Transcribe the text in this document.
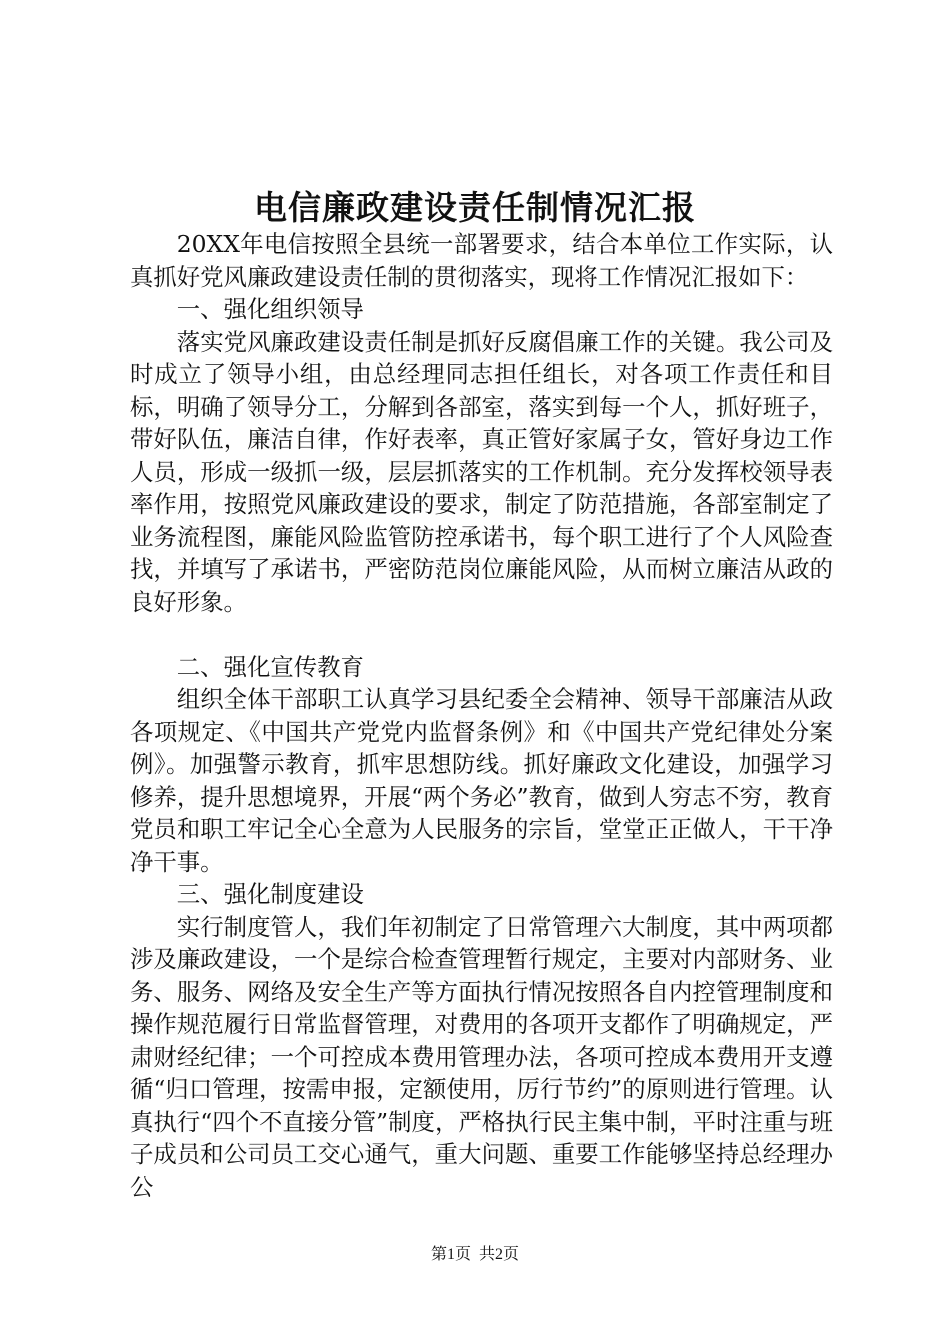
电信廉政建设责任制情况汇报

20XX年电信按照全县统一部署要求，结合本单位工作实际，认真抓好党风廉政建设责任制的贯彻落实，现将工作情况汇报如下：

一、强化组织领导

落实党风廉政建设责任制是抓好反腐倡廉工作的关键。我公司及时成立了领导小组，由总经理同志担任组长，对各项工作责任和目标，明确了领导分工，分解到各部室，落实到每一个人，抓好班子，带好队伍，廉洁自律，作好表率，真正管好家属子女，管好身边工作人员，形成一级抓一级，层层抓落实的工作机制。充分发挥校领导表率作用，按照党风廉政建设的要求，制定了防范措施，各部室制定了业务流程图，廉能风险监管防控承诺书，每个职工进行了个人风险查找，并填写了承诺书，严密防范岗位廉能风险，从而树立廉洁从政的良好形象。

二、强化宣传教育

组织全体干部职工认真学习县纪委全会精神、领导干部廉洁从政各项规定、《中国共产党党内监督条例》和《中国共产党纪律处分案例》。加强警示教育，抓牢思想防线。抓好廉政文化建设，加强学习修养，提升思想境界，开展“两个务必”教育，做到人穷志不穷，教育党员和职工牢记全心全意为人民服务的宗旨，堂堂正正做人，干干净净干事。

三、强化制度建设

实行制度管人，我们年初制定了日常管理六大制度，其中两项都涉及廉政建设，一个是综合检查管理暂行规定，主要对内部财务、业务、服务、网络及安全生产等方面执行情况按照各自内控管理制度和操作规范履行日常监督管理，对费用的各项开支都作了明确规定，严肃财经纪律；一个可控成本费用管理办法，各项可控成本费用开支遵循“归口管理，按需申报，定额使用，厉行节约”的原则进行管理。认真执行“四个不直接分管”制度，严格执行民主集中制，平时注重与班子成员和公司员工交心通气，重大问题、重要工作能够坚持总经理办公

第1页 共2页
